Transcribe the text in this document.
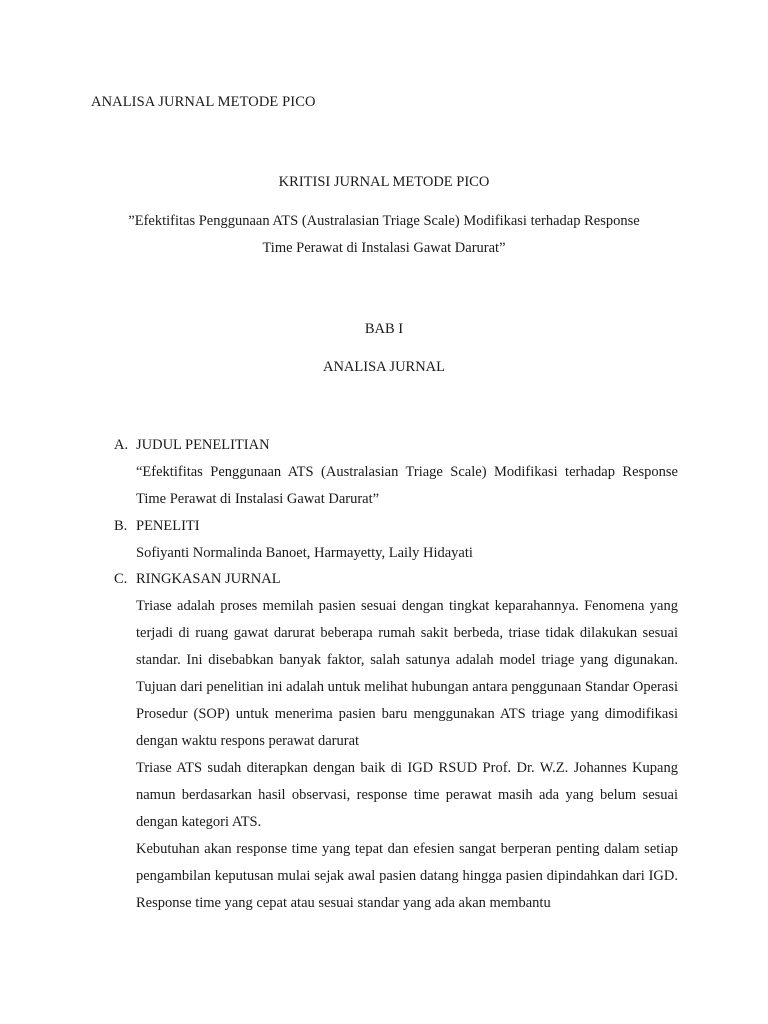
ANALISA JURNAL METODE PICO
KRITISI JURNAL METODE PICO
”Efektifitas Penggunaan ATS (Australasian Triage Scale) Modifikasi terhadap Response
Time Perawat di Instalasi Gawat Darurat”
BAB I
ANALISA JURNAL
A. JUDUL PENELITIAN
“Efektifitas Penggunaan ATS (Australasian Triage Scale) Modifikasi terhadap Response Time Perawat di Instalasi Gawat Darurat”
B. PENELITI
Sofiyanti Normalinda Banoet, Harmayetty, Laily Hidayati
C. RINGKASAN JURNAL

Triase adalah proses memilah pasien sesuai dengan tingkat keparahannya. Fenomena yang terjadi di ruang gawat darurat beberapa rumah sakit berbeda, triase tidak dilakukan sesuai standar. Ini disebabkan banyak faktor, salah satunya adalah model triage yang digunakan. Tujuan dari penelitian ini adalah untuk melihat hubungan antara penggunaan Standar Operasi Prosedur (SOP) untuk menerima pasien baru menggunakan ATS triage yang dimodifikasi dengan waktu respons perawat darurat

Triase ATS sudah diterapkan dengan baik di IGD RSUD Prof. Dr. W.Z. Johannes Kupang namun berdasarkan hasil observasi, response time perawat masih ada yang belum sesuai dengan kategori ATS.

Kebutuhan akan response time yang tepat dan efesien sangat berperan penting dalam setiap pengambilan keputusan mulai sejak awal pasien datang hingga pasien dipindahkan dari IGD. Response time yang cepat atau sesuai standar yang ada akan membantu
